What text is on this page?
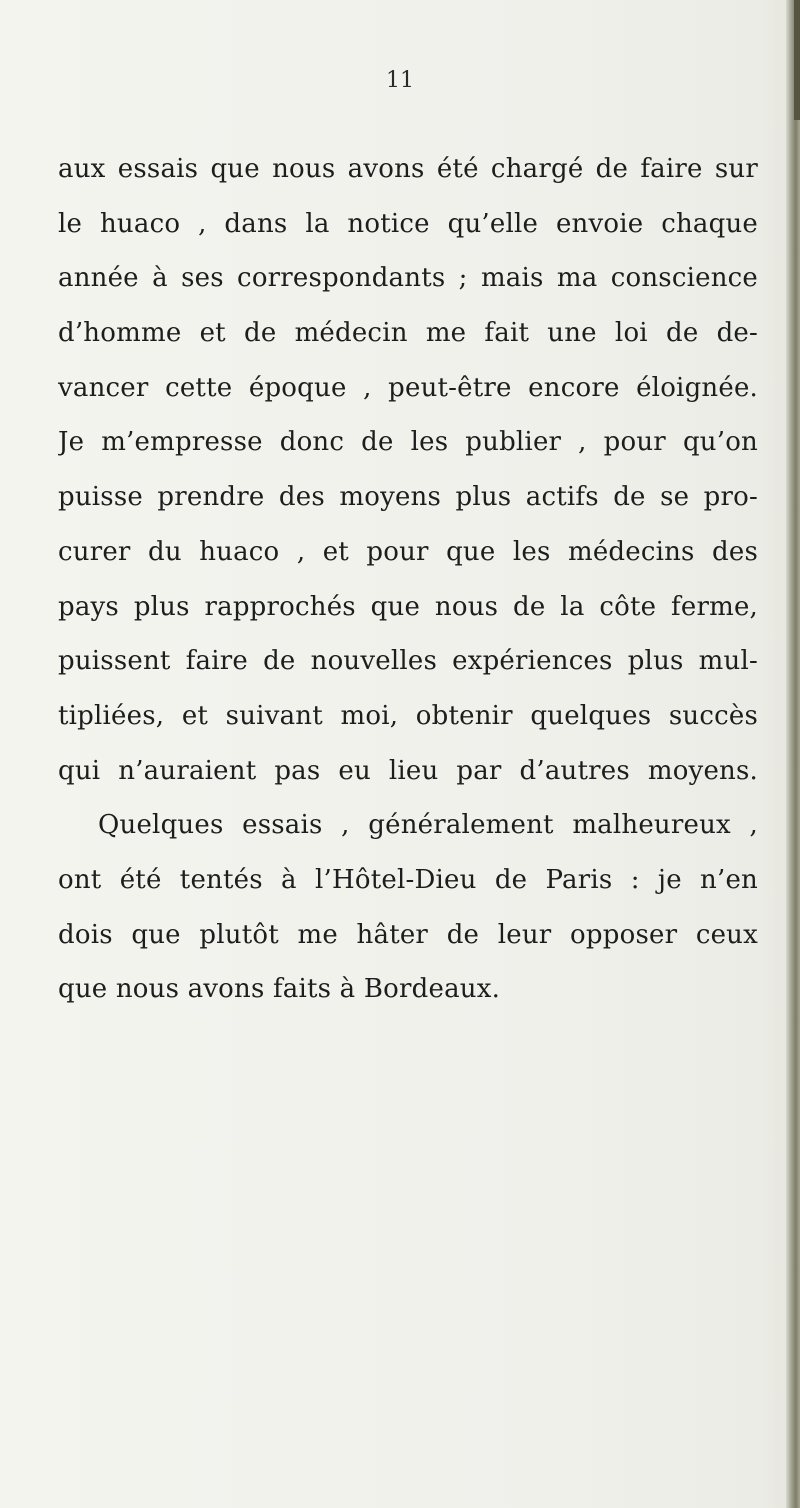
11
aux essais que nous avons été chargé de faire sur
le huaco , dans la notice qu’elle envoie chaque
année à ses correspondants ; mais ma conscience
d’homme et de médecin me fait une loi de de-
vancer cette époque , peut-être encore éloignée.
Je m’empresse donc de les publier , pour qu’on
puisse prendre des moyens plus actifs de se pro-
curer du huaco , et pour que les médecins des
pays plus rapprochés que nous de la côte ferme,
puissent faire de nouvelles expériences plus mul-
tipliées, et suivant moi, obtenir quelques succès
qui n’auraient pas eu lieu par d’autres moyens.
Quelques essais , généralement malheureux ,
ont été tentés à l’Hôtel-Dieu de Paris : je n’en
dois que plutôt me hâter de leur opposer ceux
que nous avons faits à Bordeaux.
